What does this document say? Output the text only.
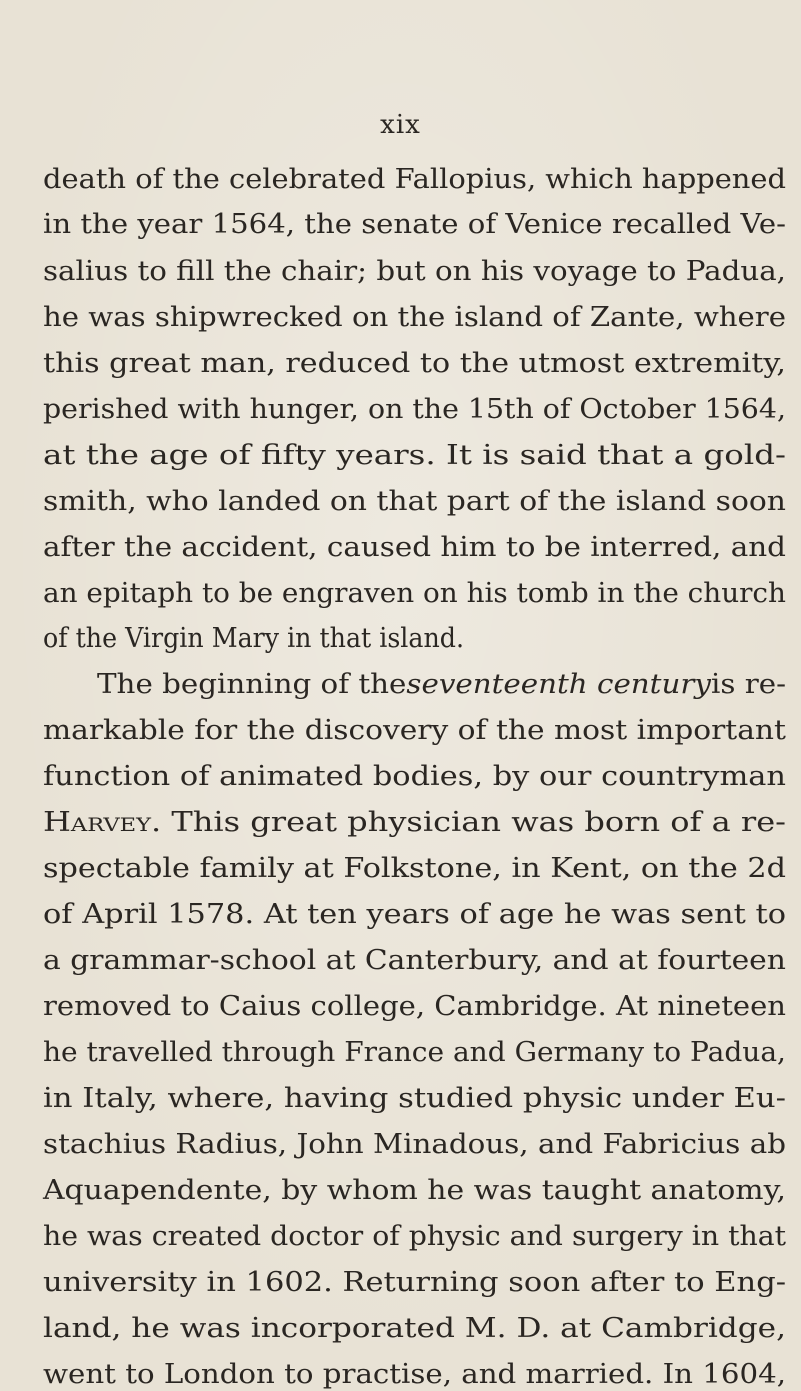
xix
death of the celebrated Fallopius, which happened
in the year 1564, the senate of Venice recalled Ve-
salius to fill the chair; but on his voyage to Padua,
he was shipwrecked on the island of Zante, where
this great man, reduced to the utmost extremity,
perished with hunger, on the 15th of October 1564,
at the age of fifty years. It is said that a gold-
smith, who landed on that part of the island soon
after the accident, caused him to be interred, and
an epitaph to be engraven on his tomb in the church
of the Virgin Mary in that island.
The beginning of theseventeenth centuryis re-
markable for the discovery of the most important
function of animated bodies, by our countryman
Harvey. This great physician was born of a re-
spectable family at Folkstone, in Kent, on the 2d
of April 1578. At ten years of age he was sent to
a grammar-school at Canterbury, and at fourteen
removed to Caius college, Cambridge. At nineteen
he travelled through France and Germany to Padua,
in Italy, where, having studied physic under Eu-
stachius Radius, John Minadous, and Fabricius ab
Aquapendente, by whom he was taught anatomy,
he was created doctor of physic and surgery in that
university in 1602. Returning soon after to Eng-
land, he was incorporated M. D. at Cambridge,
went to London to practise, and married. In 1604,
